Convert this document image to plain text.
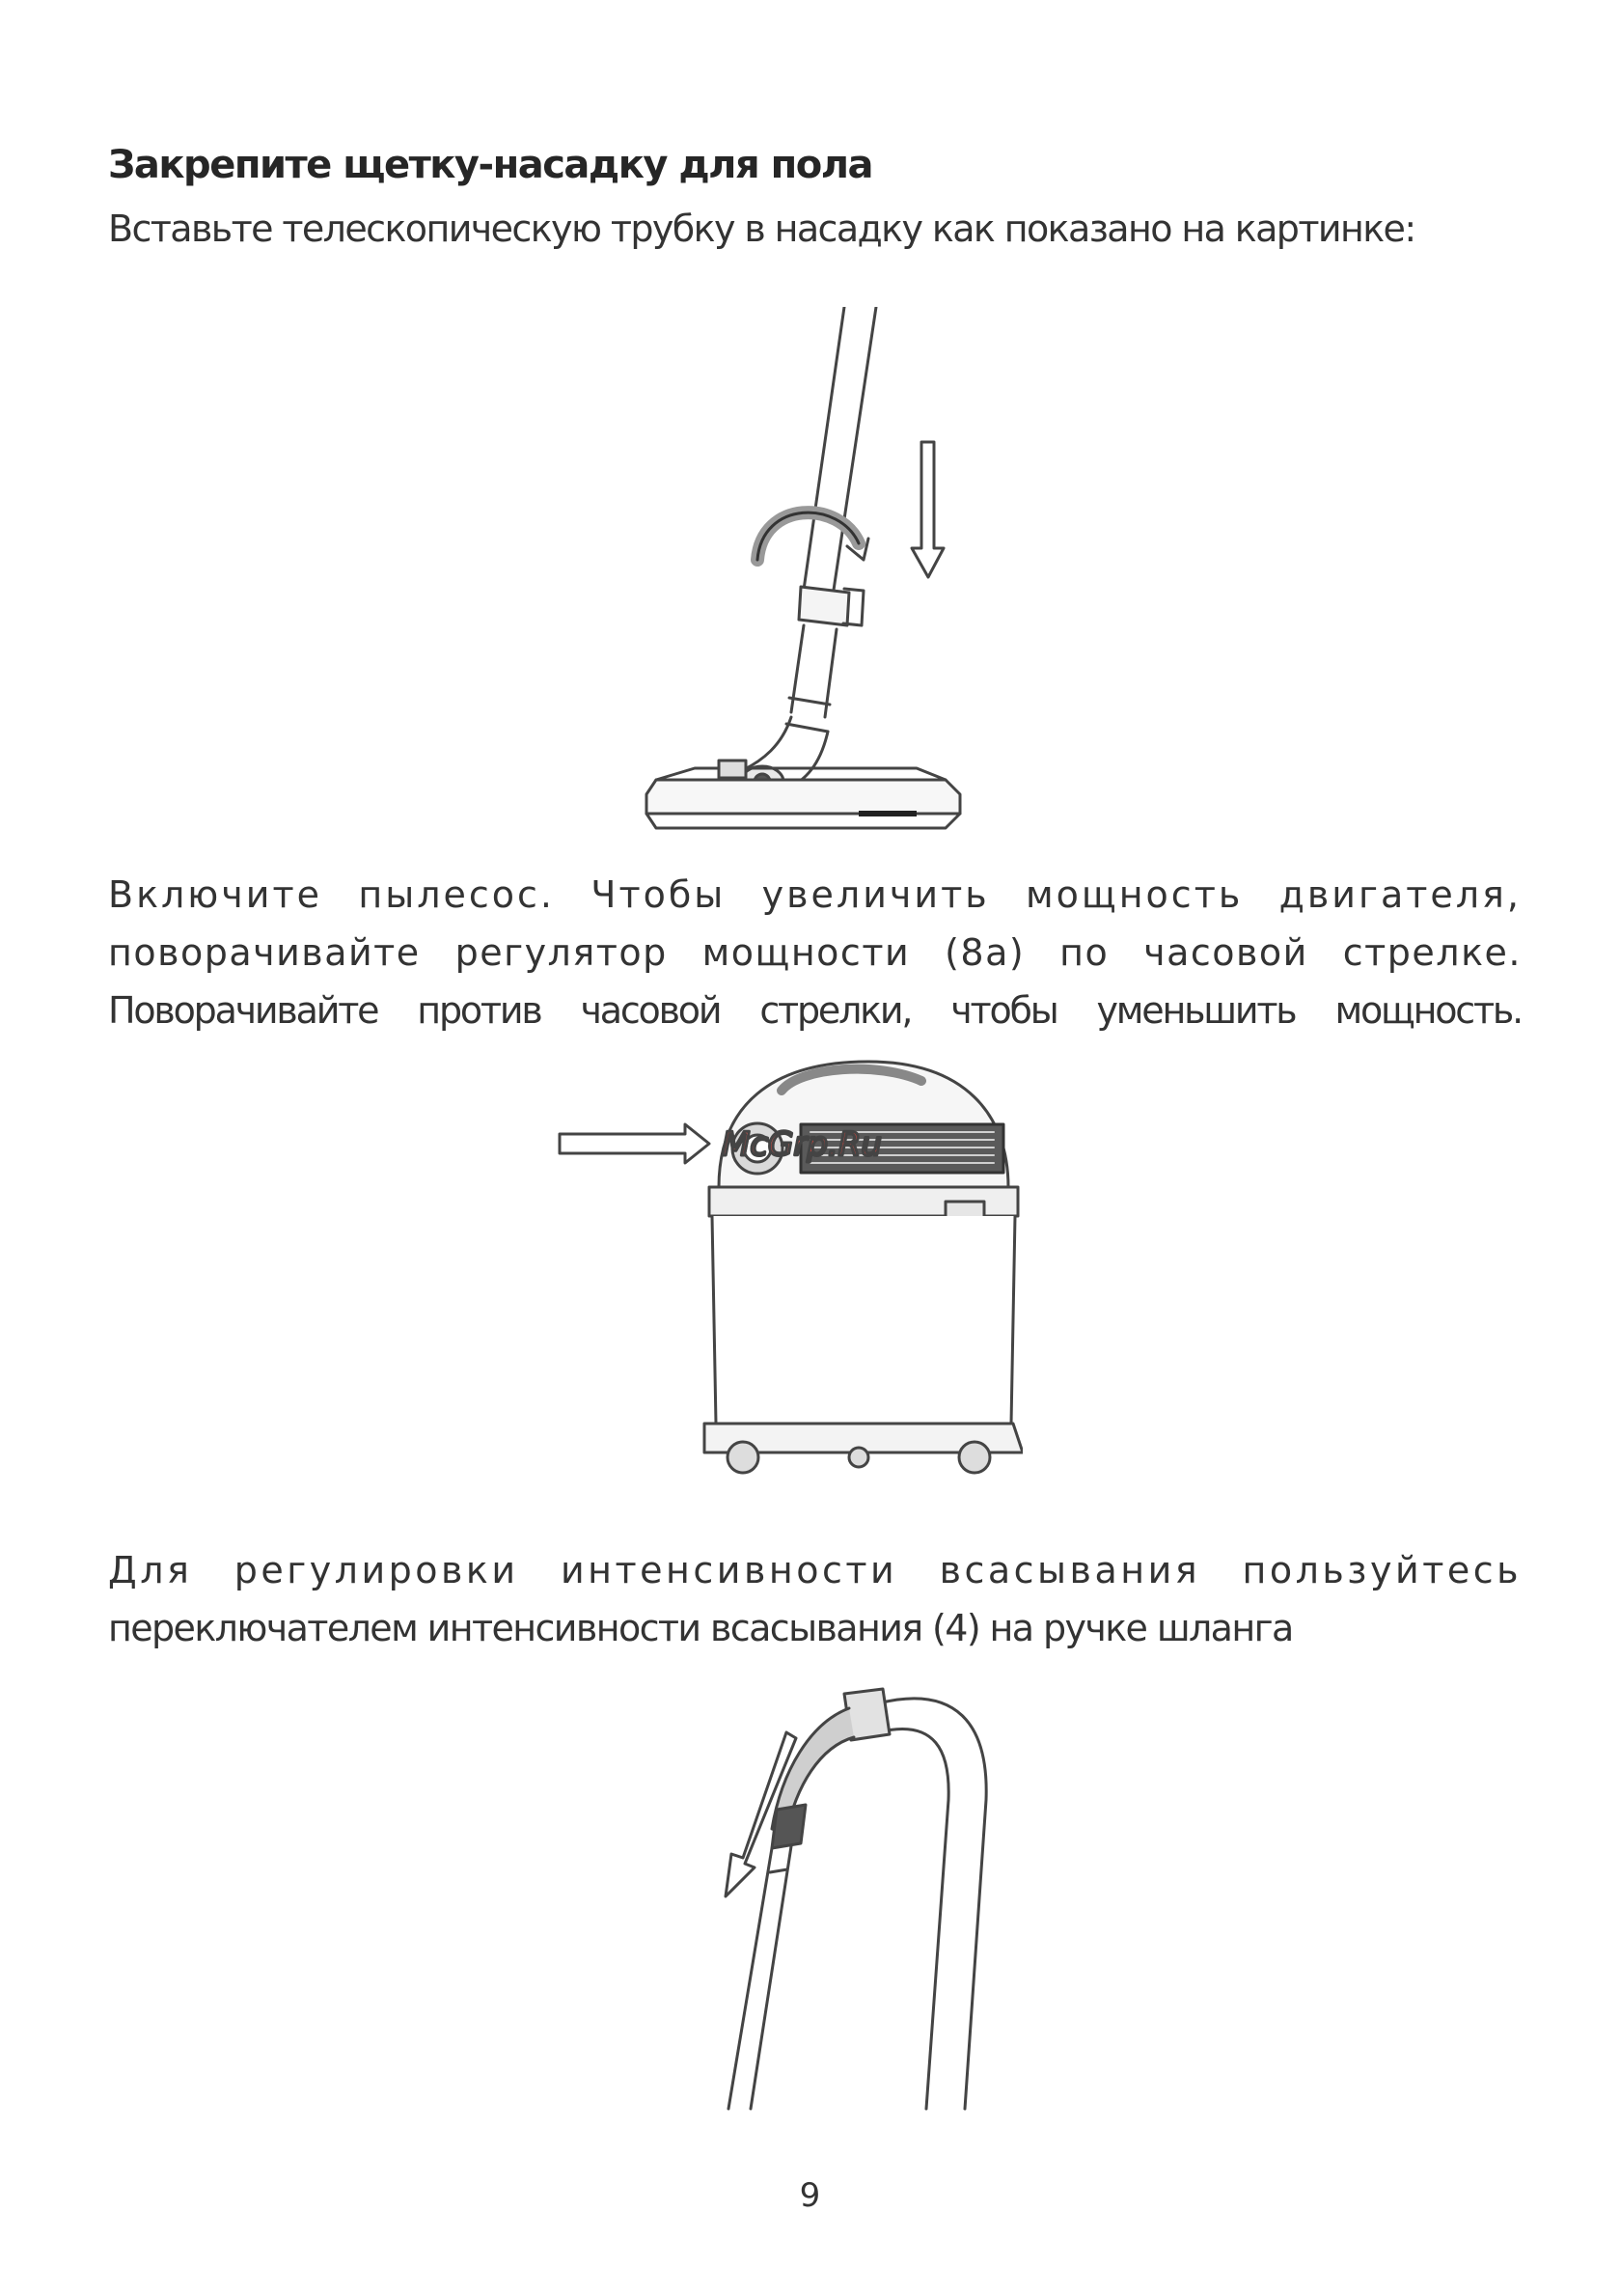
Закрепите щетку-насадку для пола
Вставьте телескопическую трубку в насадку как показано на картинке:
Включите пылесос. Чтобы увеличить мощность двигателя,
поворачивайте регулятор мощности (8a) по часовой стрелке.
Поворачивайте против часовой стрелки, чтобы уменьшить мощность.
McGrp.Ru
Для регулировки интенсивности всасывания пользуйтесь
переключателем интенсивности всасывания (4) на ручке шланга
9
